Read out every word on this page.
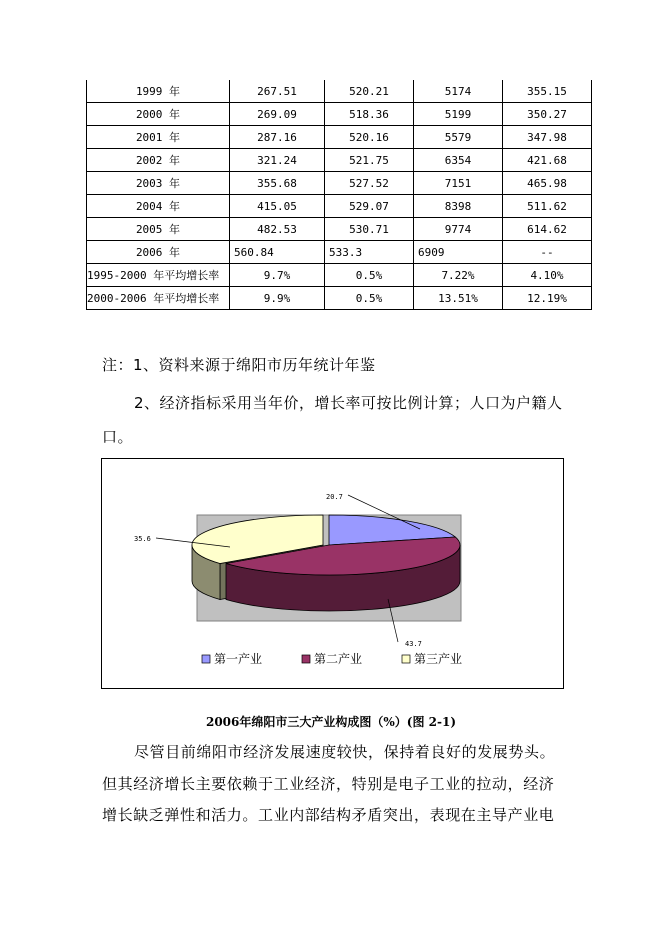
1999 年	267.51	520.21	5174	355.15
2000 年	269.09	518.36	5199	350.27
2001 年	287.16	520.16	5579	347.98
2002 年	321.24	521.75	6354	421.68
2003 年	355.68	527.52	7151	465.98
2004 年	415.05	529.07	8398	511.62
2005 年	482.53	530.71	9774	614.62
2006 年	560.84	533.3	6909	--
1995-2000 年平均增长率	9.7%	0.5%	7.22%	4.10%
2000-2006 年平均增长率	9.9%	0.5%	13.51%	12.19%
注：1、资料来源于绵阳市历年统计年鉴
2、经济指标采用当年价，增长率可按比例计算；人口为户籍人
口。
20.7
43.7
35.6
第一产业	第二产业	第三产业
2006年绵阳市三大产业构成图（%）(图 2-1)
尽管目前绵阳市经济发展速度较快，保持着良好的发展势头。
但其经济增长主要依赖于工业经济，特别是电子工业的拉动，经济
增长缺乏弹性和活力。工业内部结构矛盾突出，表现在主导产业电
